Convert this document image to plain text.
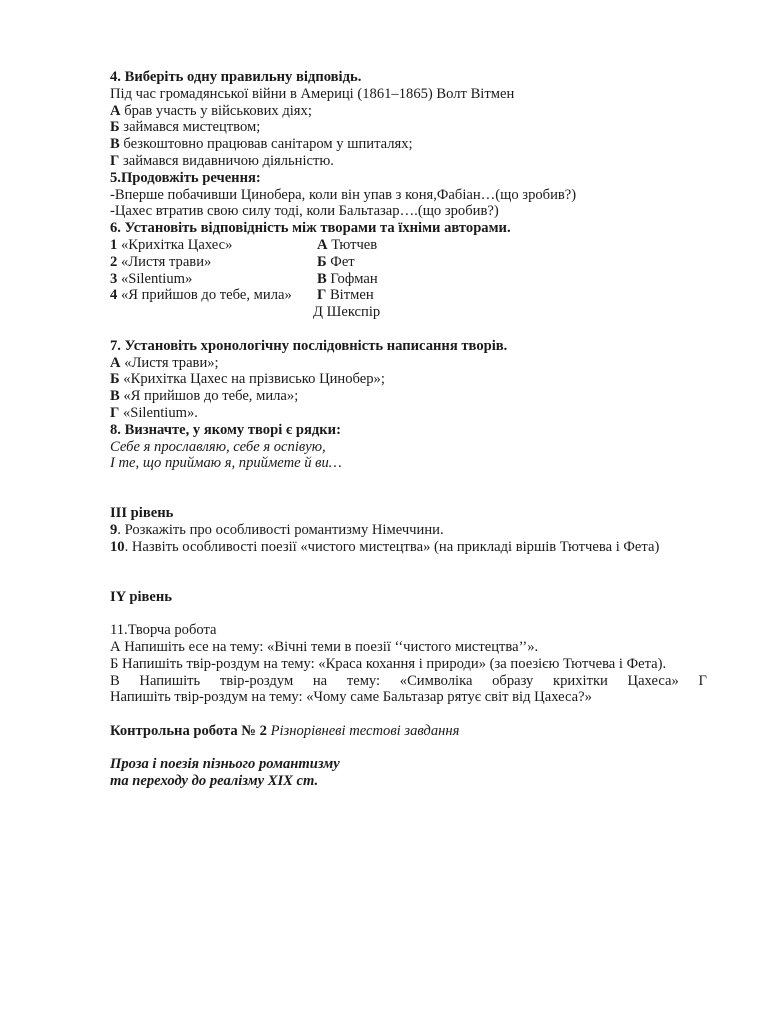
4. Виберіть одну правильну відповідь.
Під час громадянської війни в Америці (1861–1865) Волт Вітмен
А брав участь у військових діях;
Б займався мистецтвом;
В безкоштовно працював санітаром у шпиталях;
Г займався видавничою діяльністю.
5.Продовжіть речення:
-Вперше побачивши Цинобера, коли він упав з коня,Фабіан…(що зробив?)
-Цахес втратив свою силу тоді, коли Бальтазар….(що зробив?)
6. Установіть відповідність між творами та їхніми авторами.
1 «Крихітка Цахес»	А Тютчев
2 «Листя трави»	Б Фет
3 «Silentium»	В Гофман
4 «Я прийшов до тебе, мила» Г Вітмен
Д Шекспір
7. Установіть хронологічну послідовність написання творів.
А «Листя трави»;
Б «Крихітка Цахес на прізвисько Цинобер»;
В «Я прийшов до тебе, мила»;
Г «Silentium».
8. Визначте, у якому творі є рядки:
Себе я прославляю, себе я оспівую,
І те, що приймаю я, приймете й ви…
ІІІ рівень
9. Розкажіть про особливості романтизму Німеччини.
10. Назвіть особливості поезії «чистого мистецтва» (на прикладі віршів Тютчева і Фета)
ІY рівень
11.Творча робота
А Напишіть есе на тему: «Вічні теми в поезії ‘‘чистого мистецтва’’».
Б Напишіть твір-роздум на тему: «Краса кохання і природи» (за поезією Тютчева і Фета).
В Напишіть твір-роздум на тему: «Символіка образу крихітки Цахеса» Г
Напишіть твір-роздум на тему: «Чому саме Бальтазар рятує світ від Цахеса?»
Контрольна робота № 2 Різнорівневі тестові завдання
Проза і поезія пізнього романтизму
та переходу до реалізму ХІХ ст.
